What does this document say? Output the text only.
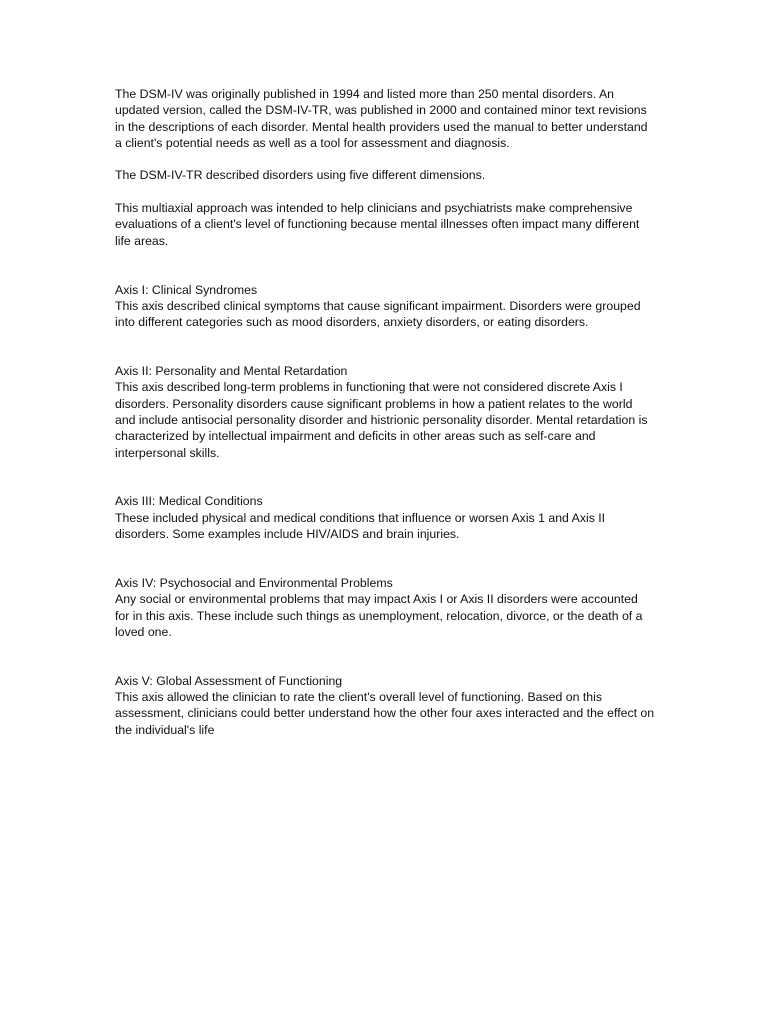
The DSM-IV was originally published in 1994 and listed more than 250 mental disorders. An updated version, called the DSM-IV-TR, was published in 2000 and contained minor text revisions in the descriptions of each disorder. Mental health providers used the manual to better understand a client's potential needs as well as a tool for assessment and diagnosis.

The DSM-IV-TR described disorders using five different dimensions.

This multiaxial approach was intended to help clinicians and psychiatrists make comprehensive evaluations of a client's level of functioning because mental illnesses often impact many different life areas.

Axis I: Clinical Syndromes
This axis described clinical symptoms that cause significant impairment. Disorders were grouped into different categories such as mood disorders, anxiety disorders, or eating disorders.
Axis II: Personality and Mental Retardation
This axis described long-term problems in functioning that were not considered discrete Axis I disorders. Personality disorders cause significant problems in how a patient relates to the world and include antisocial personality disorder and histrionic personality disorder. Mental retardation is characterized by intellectual impairment and deficits in other areas such as self-care and interpersonal skills.
Axis III: Medical Conditions
These included physical and medical conditions that influence or worsen Axis 1 and Axis II disorders. Some examples include HIV/AIDS and brain injuries.
Axis IV: Psychosocial and Environmental Problems
Any social or environmental problems that may impact Axis I or Axis II disorders were accounted for in this axis. These include such things as unemployment, relocation, divorce, or the death of a loved one.
Axis V: Global Assessment of Functioning
This axis allowed the clinician to rate the client's overall level of functioning. Based on this assessment, clinicians could better understand how the other four axes interacted and the effect on the individual's life
